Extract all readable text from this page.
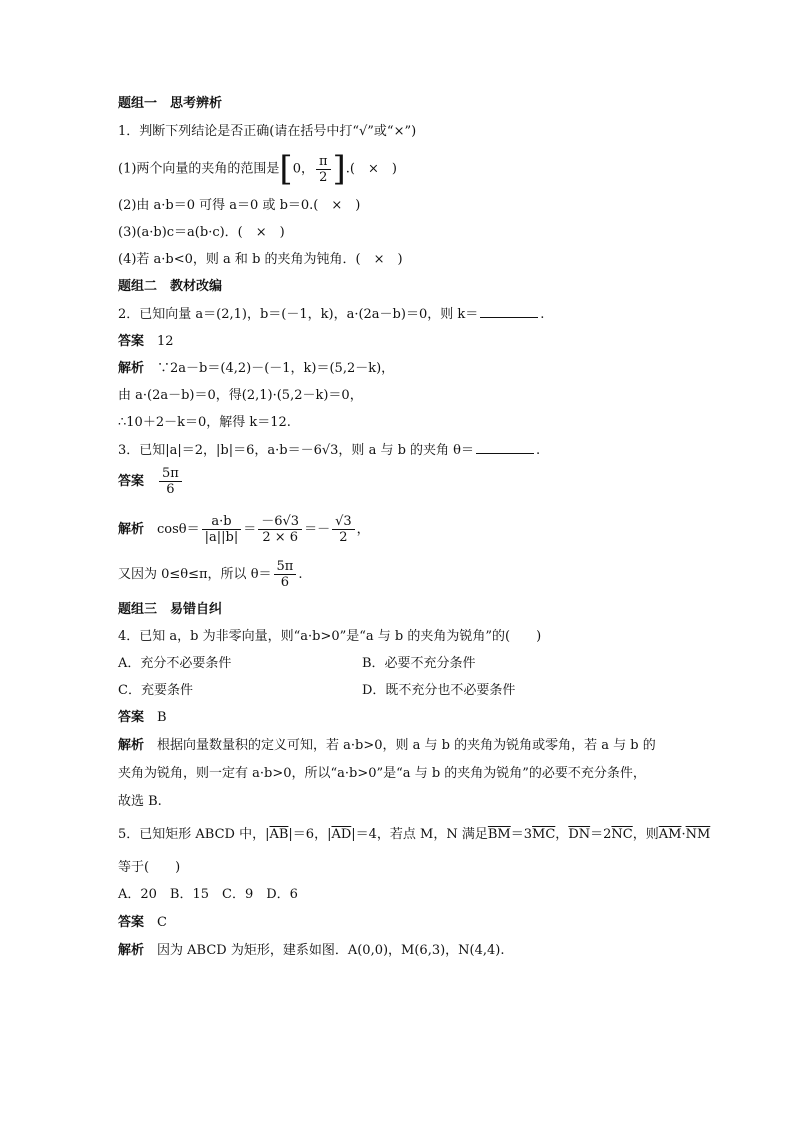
题组一　思考辨析
1．判断下列结论是否正确(请在括号中打“√”或“×”)
(1)两个向量的夹角的范围是[0， $\frac{\pi}{2}$ ].(　×　)
(2)由 a·b＝0 可得 a＝0 或 b＝0.(　×　)
(3)(a·b)c＝a(b·c)．(　×　)
(4)若 a·b<0，则 a 和 b 的夹角为钝角．(　×　)
题组二　教材改编
2．已知向量 a＝(2,1)，b＝(－1，k)，a·(2a－b)＝0，则 k＝	.
答案　 12
解析　 ∵2a－b＝(4,2)－(－1，k)＝(5,2－k)，
由 a·(2a－b)＝0，得(2,1)·(5,2－k)＝0，
∴10＋2－k＝0，解得 k＝12.
3．已知|a|＝2，|b|＝6，a·b＝－6√3，则 a 与 b 的夹角 θ＝	.
答案　 $\frac{5\pi}{6}$
解析　 $\cos\theta= \frac{a\cdot b}{|a||b|} = \frac{-6√3}{2 \times 6} =- \frac{√3}{2}$ ，
又因为 0≤θ≤π，所以 $\theta= \frac{5\pi}{6}$ .
题组三　易错自纠
4．已知 a，b 为非零向量，则“a·b>0”是“a 与 b 的夹角为锐角”的(　　)
A．充分不必要条件	B．必要不充分条件
C．充要条件	D．既不充分也不必要条件
答案　 B
解析　 根据向量数量积的定义可知，若 a·b>0，则 a 与 b 的夹角为锐角或零角，若 a 与 b 的
夹角为锐角，则一定有 a·b>0，所以“a·b>0”是“a 与 b 的夹角为锐角”的必要不充分条件，
故选 B.
5．已知矩形 ABCD 中，$|\overline{AB}|=6$，$|\overline{AD}|=4$，若点 M，N 满足$\overline{BM}=3\overline{MC}$，$\overline{DN}=2\overline{NC}$，则$\overline{AM}\cdot\overline{NM}$
等于(　　)
A．20　B．15　C．9　D．6
答案　 C
解析　 因为 ABCD 为矩形，建系如图．A(0,0)，M(6,3)，N(4,4).
